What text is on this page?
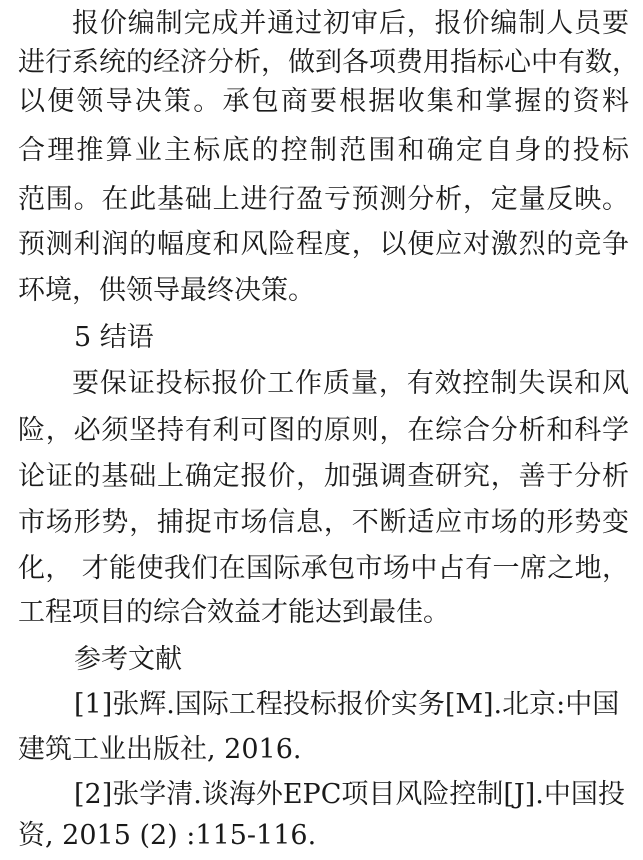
报价编制完成并通过初审后，报价编制人员要
进行系统的经济分析，做到各项费用指标心中有数，
以便领导决策。承包商要根据收集和掌握的资料
合理推算业主标底的控制范围和确定自身的投标
范围。在此基础上进行盈亏预测分析，定量反映。
预测利润的幅度和风险程度，以便应对激烈的竞争
环境，供领导最终决策。
5 结语
要保证投标报价工作质量，有效控制失误和风
险，必须坚持有利可图的原则，在综合分析和科学
论证的基础上确定报价，加强调查研究，善于分析
市场形势，捕捉市场信息，不断适应市场的形势变
化， 才能使我们在国际承包市场中占有一席之地，
工程项目的综合效益才能达到最佳。
参考文献
[1]张辉.国际工程投标报价实务[M].北京:中国
建筑工业出版社, 2016.
[2]张学清.谈海外EPC项目风险控制[J].中国投
资, 2015 (2) :115-116.
